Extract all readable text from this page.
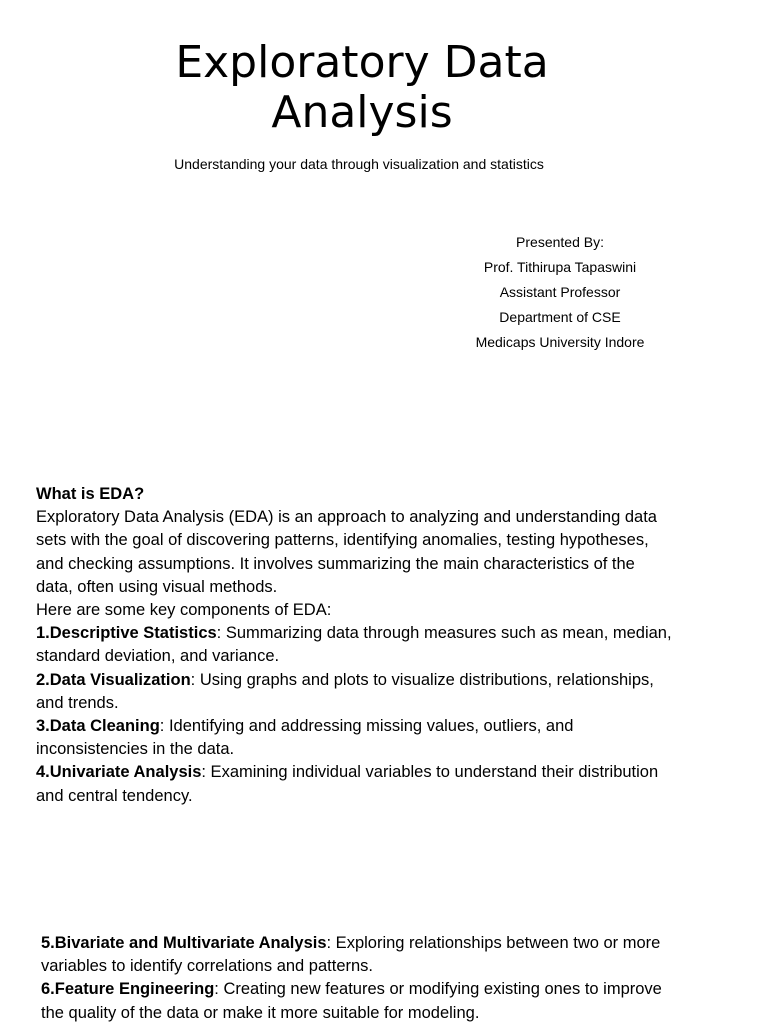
Exploratory Data
Analysis
Understanding your data through visualization and statistics
Presented By:
Prof. Tithirupa Tapaswini
Assistant Professor
Department of CSE
Medicaps University Indore

What is EDA?

Exploratory Data Analysis (EDA) is an approach to analyzing and understanding data sets with the goal of discovering patterns, identifying anomalies, testing hypotheses, and checking assumptions. It involves summarizing the main characteristics of the data, often using visual methods.

Here are some key components of EDA:

1.Descriptive Statistics: Summarizing data through measures such as mean, median, standard deviation, and variance.

2.Data Visualization: Using graphs and plots to visualize distributions, relationships, and trends.

3.Data Cleaning: Identifying and addressing missing values, outliers, and inconsistencies in the data.

4.Univariate Analysis: Examining individual variables to understand their distribution and central tendency.

5.Bivariate and Multivariate Analysis: Exploring relationships between two or more variables to identify correlations and patterns.

6.Feature Engineering: Creating new features or modifying existing ones to improve the quality of the data or make it more suitable for modeling.
